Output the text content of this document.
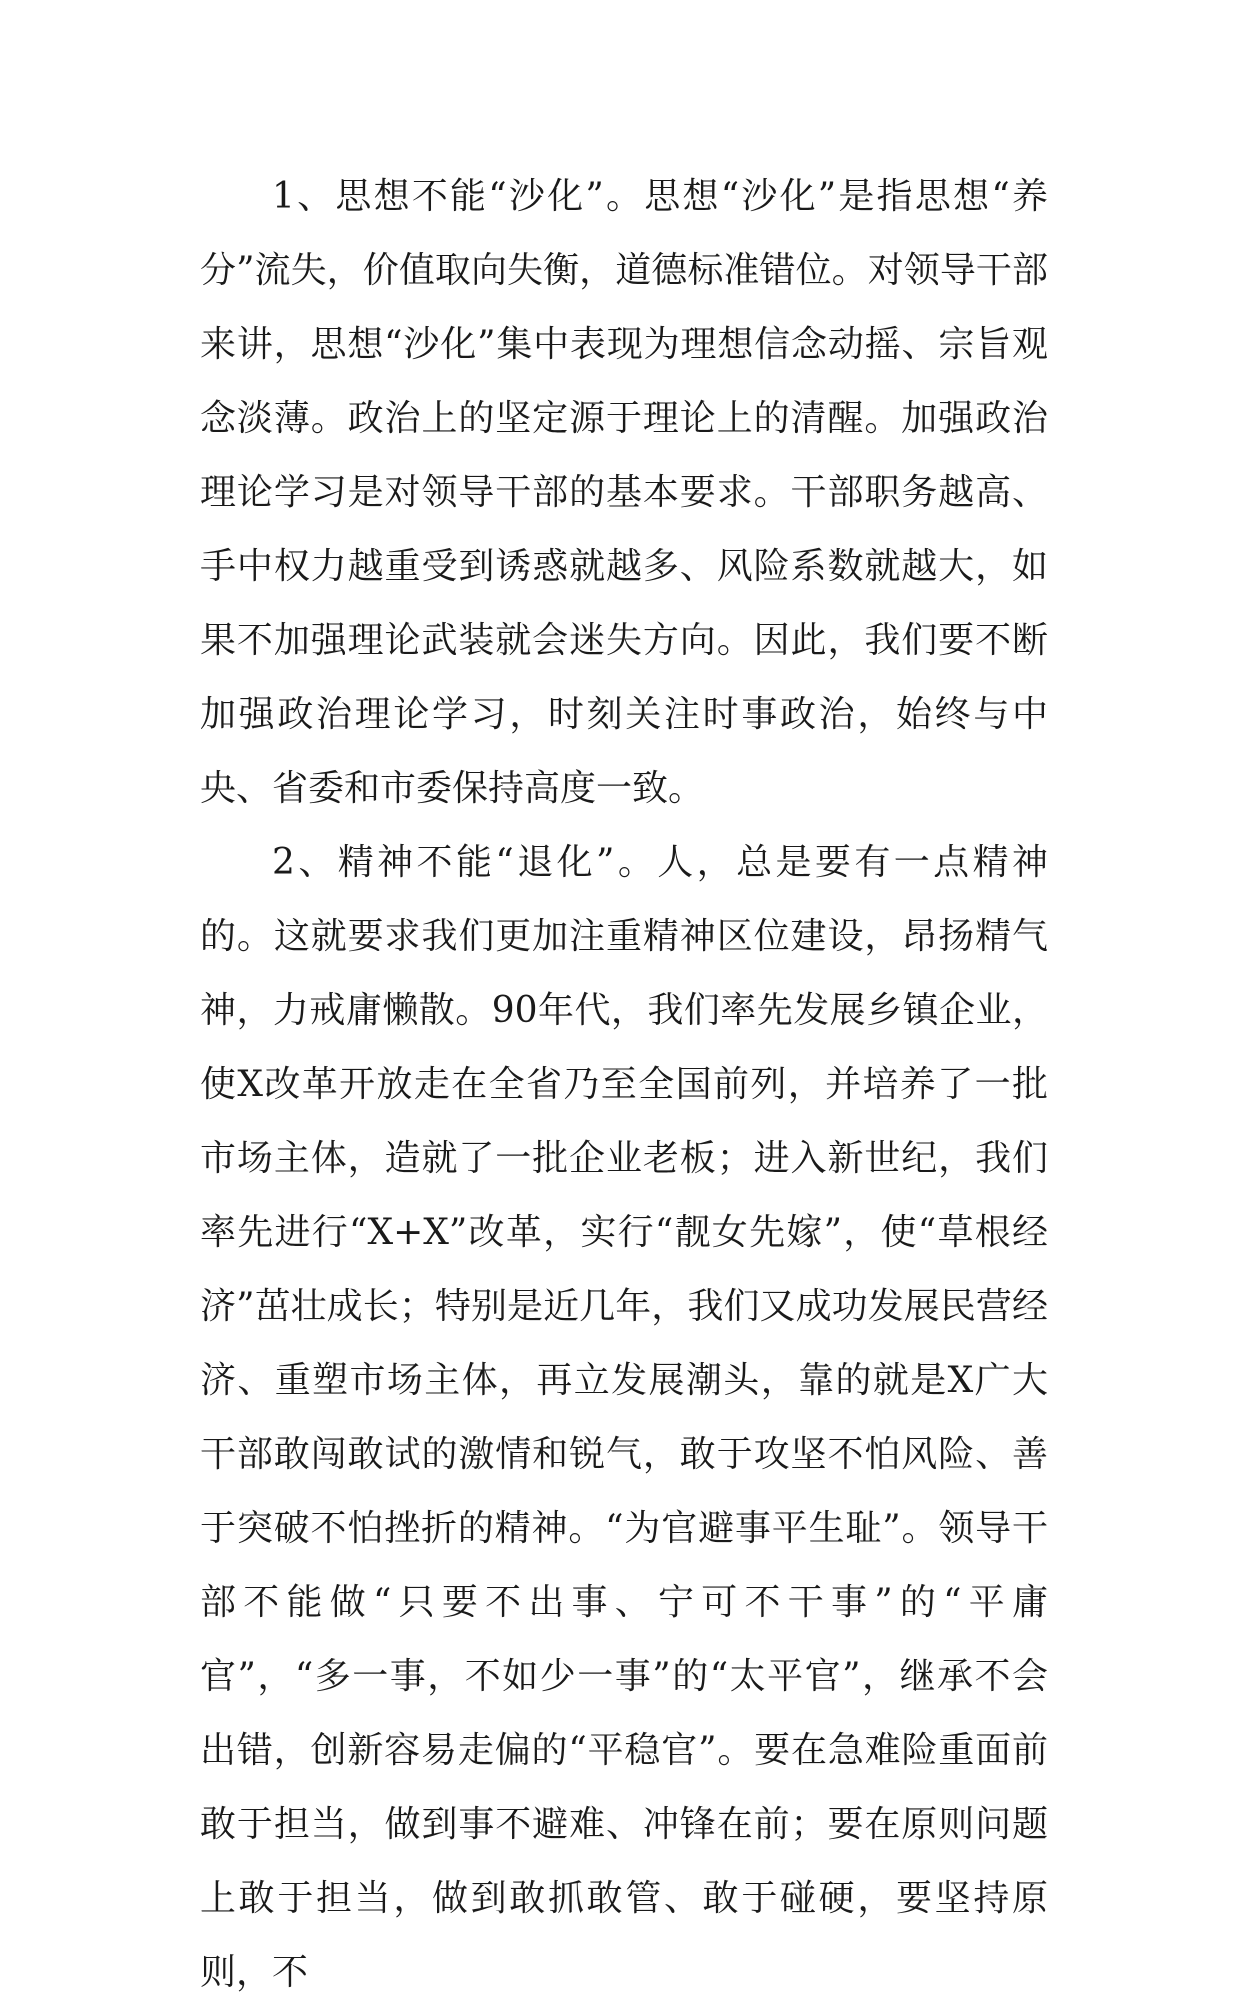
1、思想不能“沙化”。思想“沙化”是指思想“养分”流失，价值取向失衡，道德标准错位。对领导干部来讲，思想“沙化”集中表现为理想信念动摇、宗旨观念淡薄。政治上的坚定源于理论上的清醒。加强政治理论学习是对领导干部的基本要求。干部职务越高、手中权力越重受到诱惑就越多、风险系数就越大，如果不加强理论武装就会迷失方向。因此，我们要不断加强政治理论学习，时刻关注时事政治，始终与中央、省委和市委保持高度一致。

2、精神不能“退化”。人，总是要有一点精神的。这就要求我们更加注重精神区位建设，昂扬精气神，力戒庸懒散。90年代，我们率先发展乡镇企业，使X改革开放走在全省乃至全国前列，并培养了一批市场主体，造就了一批企业老板；进入新世纪，我们率先进行“X+X”改革，实行“靓女先嫁”，使“草根经济”茁壮成长；特别是近几年，我们又成功发展民营经济、重塑市场主体，再立发展潮头，靠的就是X广大干部敢闯敢试的激情和锐气，敢于攻坚不怕风险、善于突破不怕挫折的精神。“为官避事平生耻”。领导干部不能做“只要不出事、宁可不干事”的“平庸官”，“多一事，不如少一事”的“太平官”，继承不会出错，创新容易走偏的“平稳官”。要在急难险重面前敢于担当，做到事不避难、冲锋在前；要在原则问题上敢于担当，做到敢抓敢管、敢于碰硬，要坚持原则，不
